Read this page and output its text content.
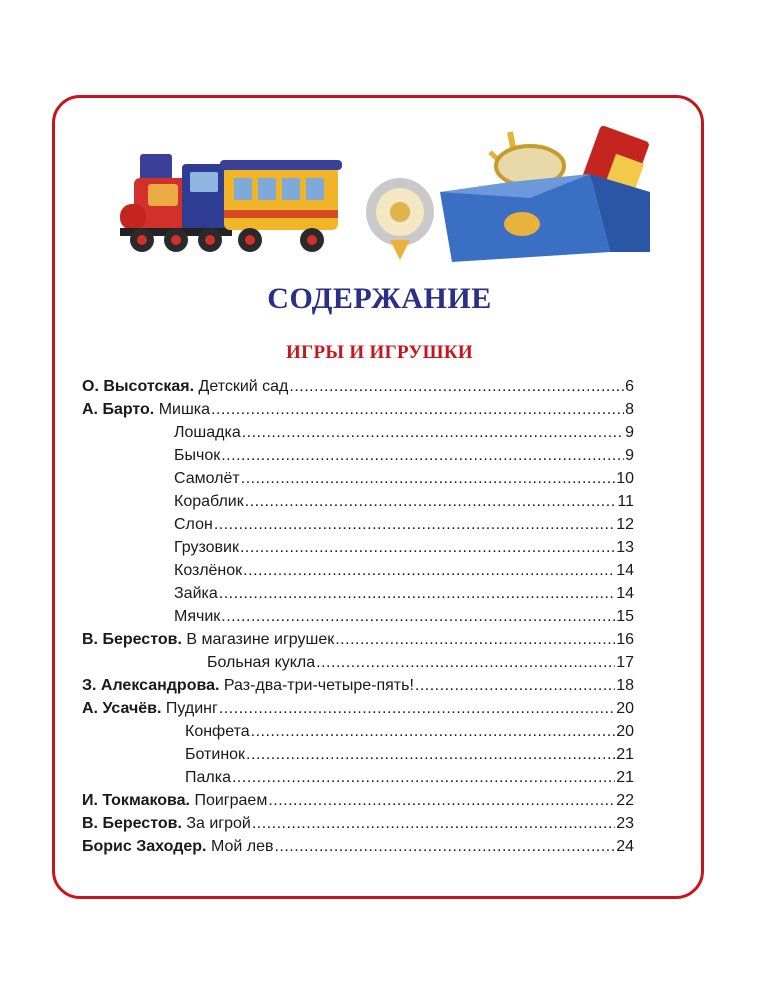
СОДЕРЖАНИЕ
ИГРЫ И ИГРУШКИ
О. Высотская. Детский сад .....	6
А. Барто. Мишка .....	8
Лошадка .....	9
Бычок .....	9
Самолёт .....	10
Кораблик .....	11
Слон .....	12
Грузовик .....	13
Козлёнок .....	14
Зайка .....	14
Мячик .....	15
В. Берестов. В магазине игрушек .....	16
Больная кукла .....	17
З. Александрова. Раз-два-три-четыре-пять! .....	18
А. Усачёв. Пудинг .....	20
Конфета .....	20
Ботинок .....	21
Палка .....	21
И. Токмакова. Поиграем .....	22
В. Берестов. За игрой .....	23
Борис Заходер. Мой лев .....	24
